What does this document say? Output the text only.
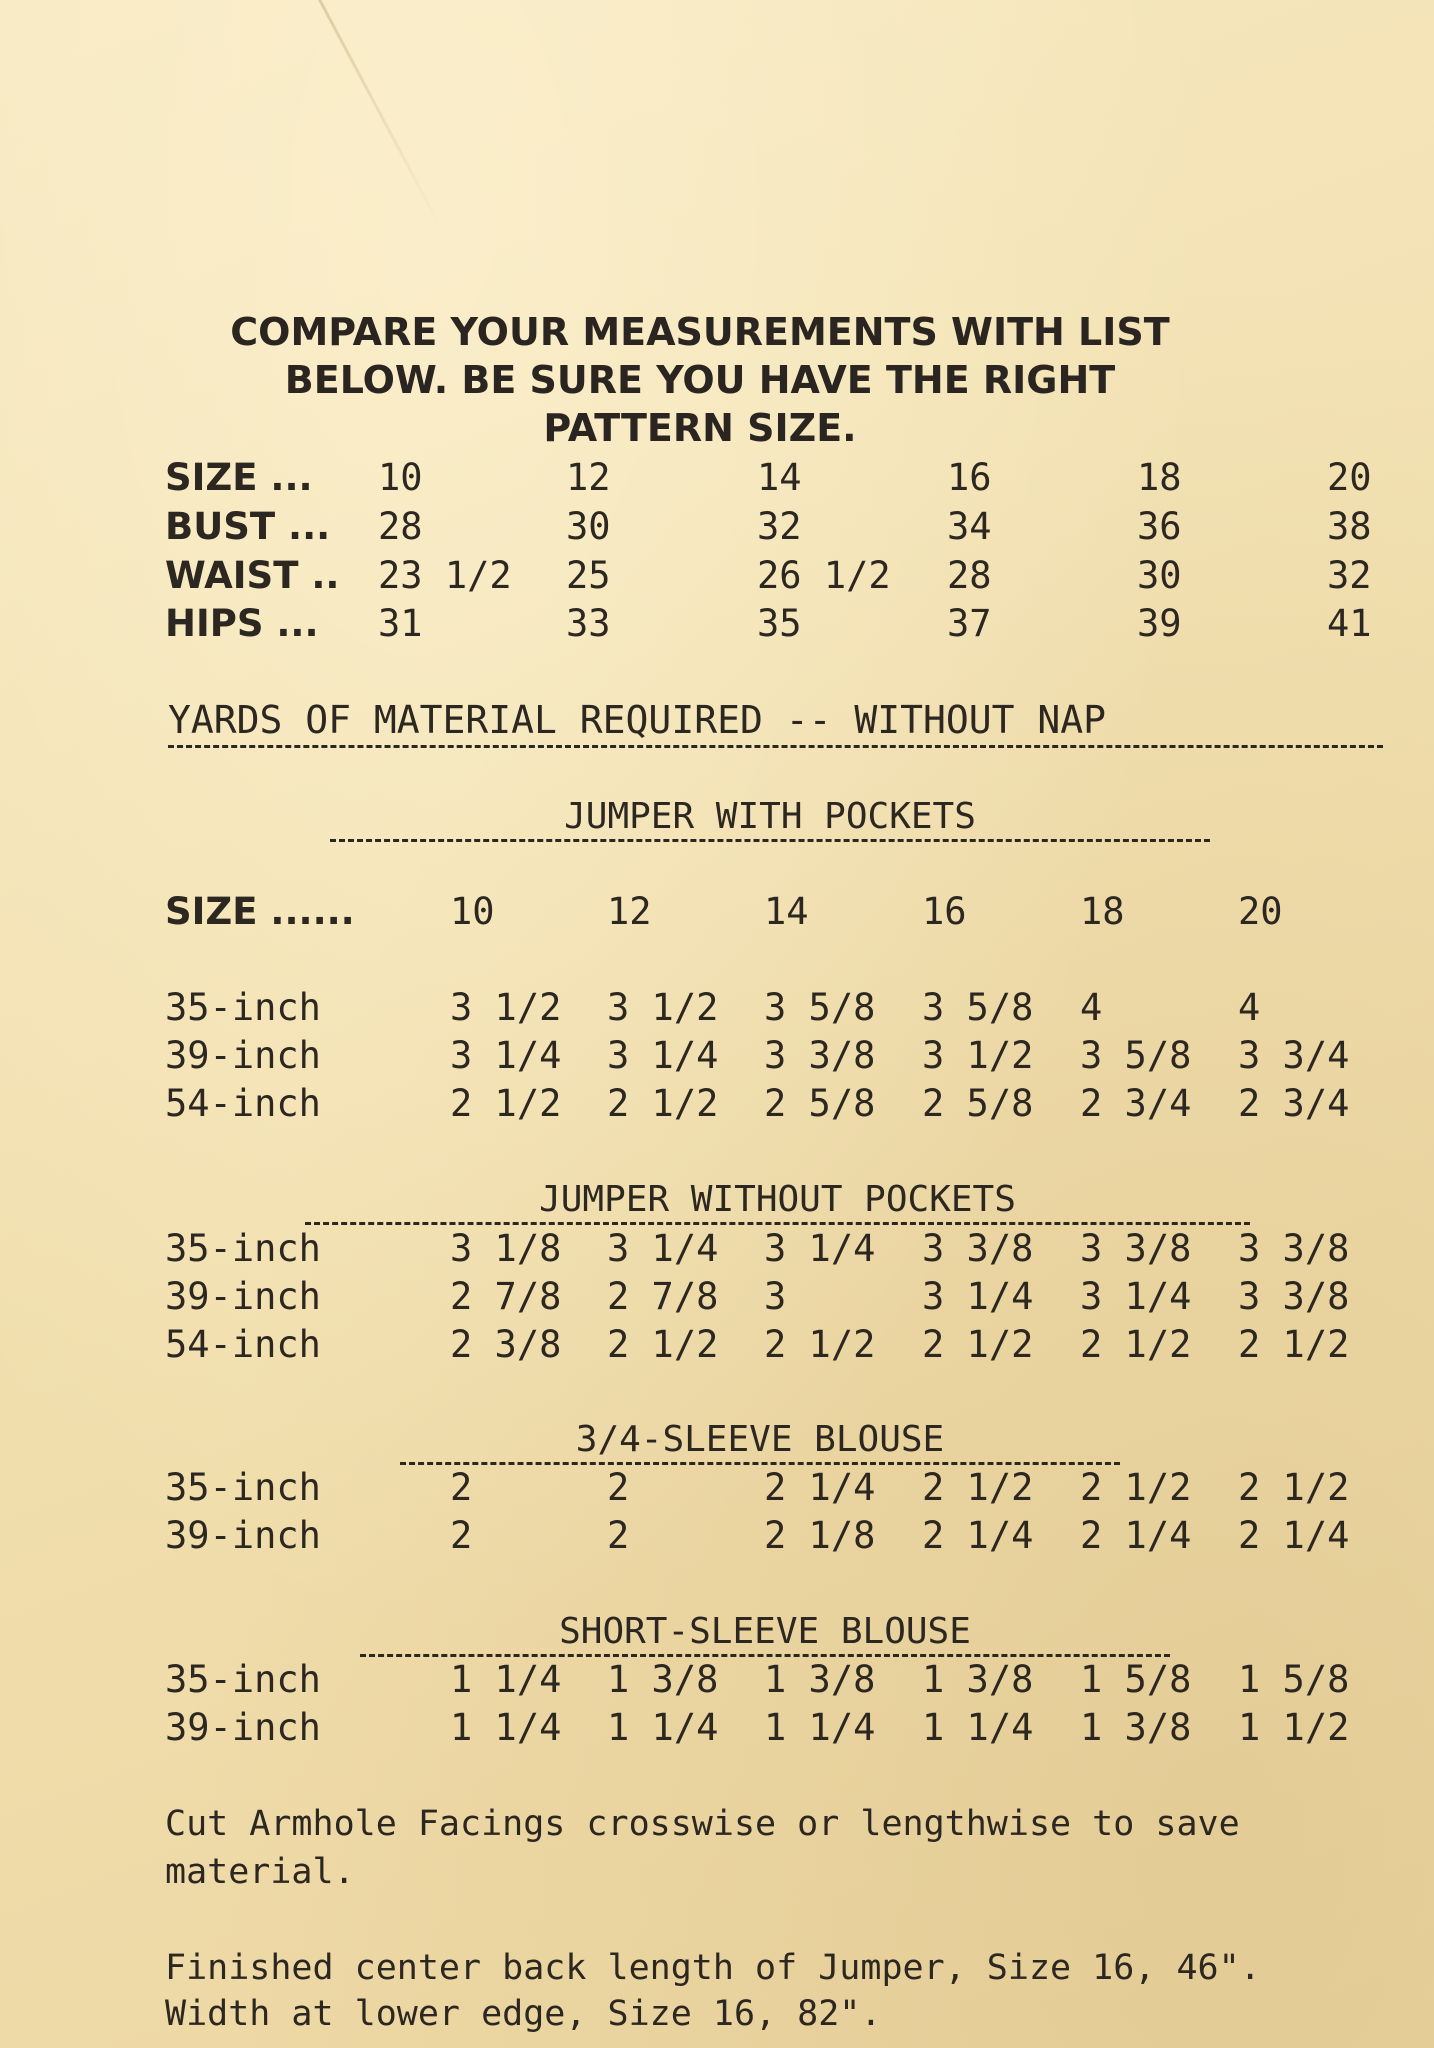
COMPARE YOUR MEASUREMENTS WITH LIST
BELOW. BE SURE YOU HAVE THE RIGHT
PATTERN SIZE.
SIZE ... 10	12	14	16	18	20
BUST ... 28	30	32	34	36	38
WAIST .. 23 1/2 25	26 1/2 28	30	32
HIPS ... 31	33	35	37	39	41
YARDS OF MATERIAL REQUIRED -- WITHOUT NAP
JUMPER WITH POCKETS
SIZE ......	10	12	14	16	18	20
35-inch	3 1/2 3 1/2 3 5/8 3 5/8 4	4
39-inch	3 1/4 3 1/4 3 3/8 3 1/2 3 5/8 3 3/4
54-inch	2 1/2 2 1/2 2 5/8 2 5/8 2 3/4 2 3/4
JUMPER WITHOUT POCKETS
35-inch	3 1/8 3 1/4 3 1/4 3 3/8 3 3/8 3 3/8
39-inch	2 7/8 2 7/8 3	3 1/4 3 1/4 3 3/8
54-inch	2 3/8 2 1/2 2 1/2 2 1/2 2 1/2 2 1/2
3/4-SLEEVE BLOUSE
35-inch	2	2	2 1/4 2 1/2 2 1/2 2 1/2
39-inch	2	2	2 1/8 2 1/4 2 1/4 2 1/4
SHORT-SLEEVE BLOUSE
35-inch	1 1/4 1 3/8 1 3/8 1 3/8 1 5/8 1 5/8
39-inch	1 1/4 1 1/4 1 1/4 1 1/4 1 3/8 1 1/2
Cut Armhole Facings crosswise or lengthwise to save material.
Finished center back length of Jumper, Size 16, 46".
Width at lower edge, Size 16, 82".
